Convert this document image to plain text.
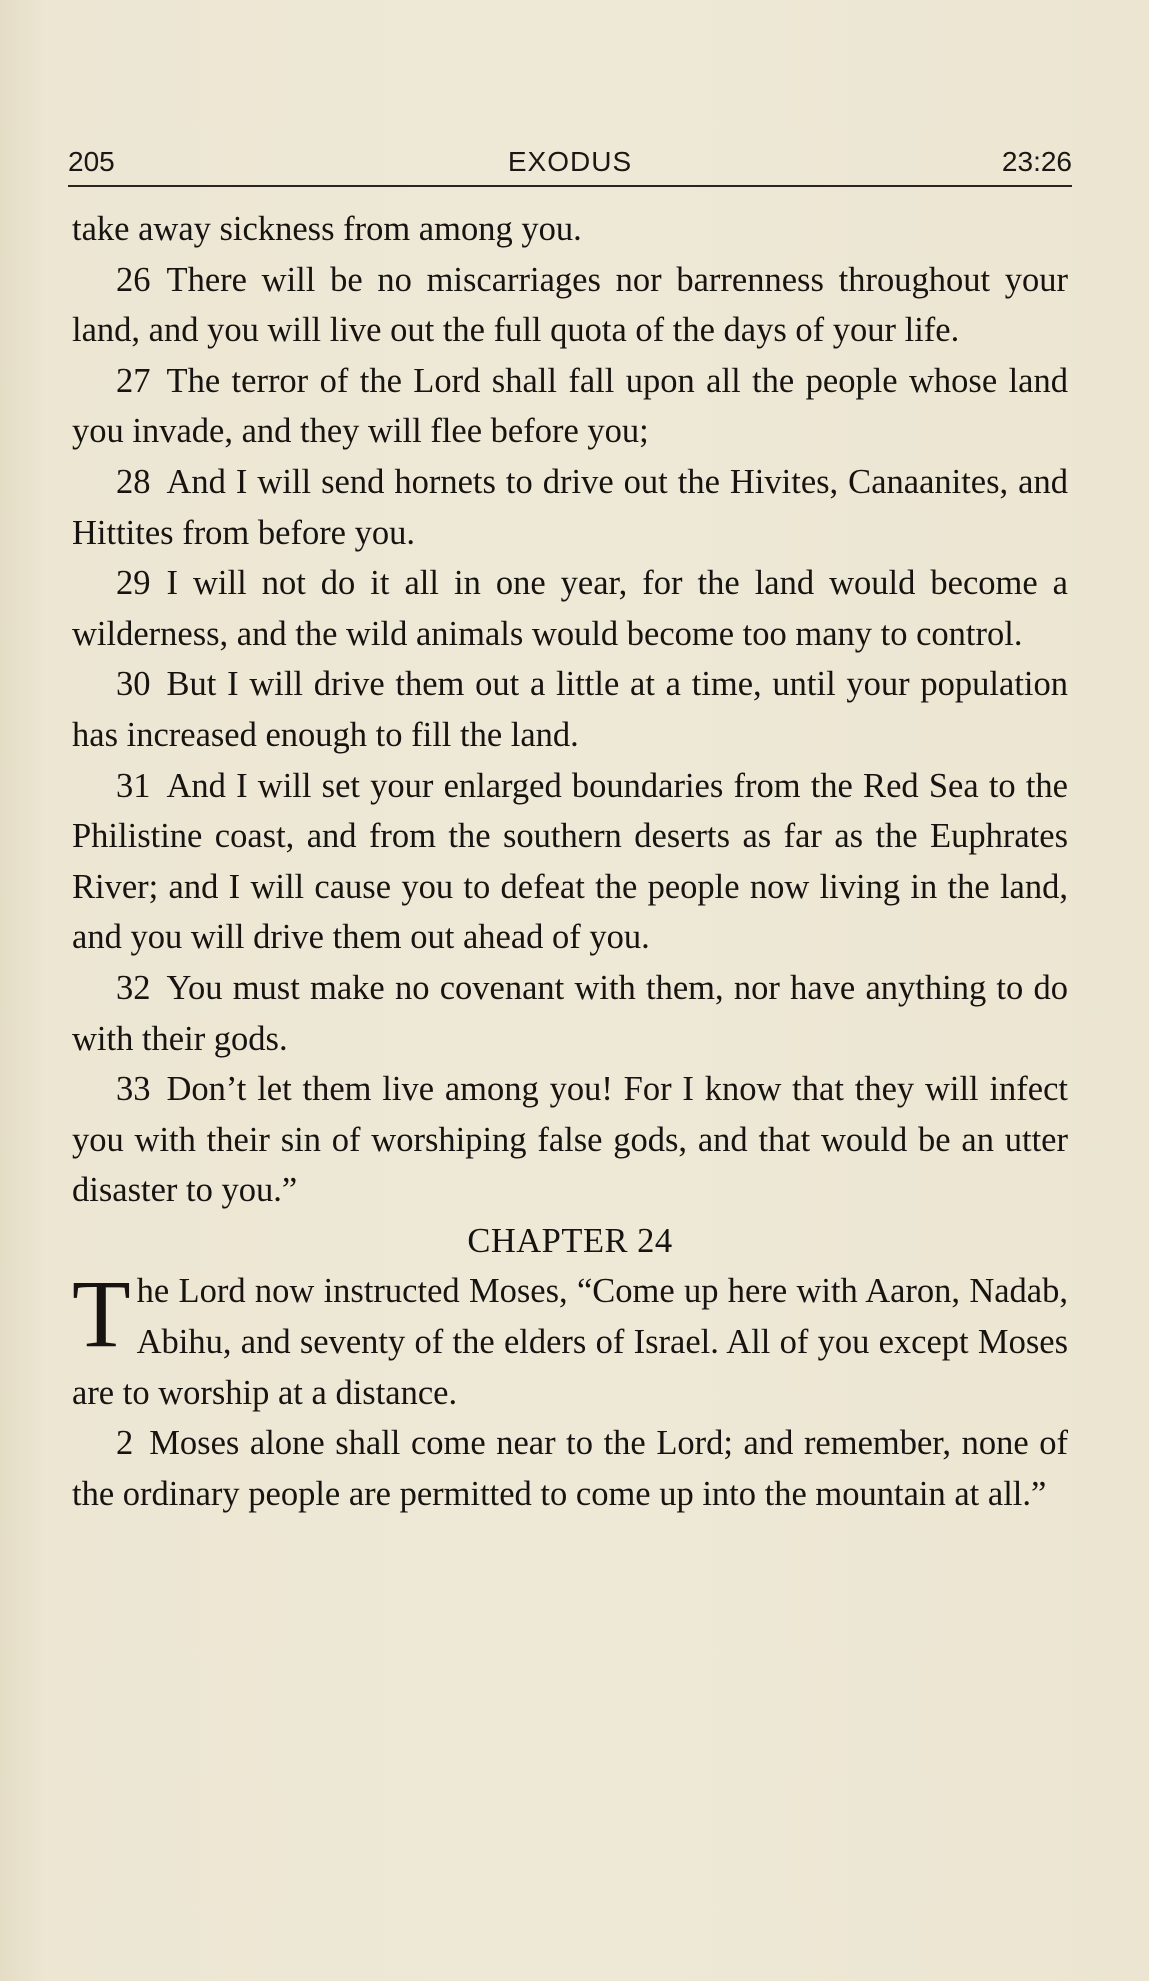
205	EXODUS	23:26

take away sickness from among you.

26 There will be no miscarriages nor barrenness throughout your land, and you will live out the full quota of the days of your life.

27 The terror of the Lord shall fall upon all the people whose land you invade, and they will flee before you;

28 And I will send hornets to drive out the Hivites, Canaanites, and Hittites from before you.

29 I will not do it all in one year, for the land would become a wilderness, and the wild animals would become too many to control.

30 But I will drive them out a little at a time, until your population has increased enough to fill the land.

31 And I will set your enlarged boundaries from the Red Sea to the Philistine coast, and from the southern deserts as far as the Euphrates River; and I will cause you to defeat the people now living in the land, and you will drive them out ahead of you.

32 You must make no covenant with them, nor have anything to do with their gods.

33 Don’t let them live among you! For I know that they will infect you with their sin of worshiping false gods, and that would be an utter disaster to you.”

CHAPTER 24

The Lord now instructed Moses, “Come up here with Aaron, Nadab, Abihu, and seventy of the elders of Israel. All of you except Moses are to worship at a distance.

2 Moses alone shall come near to the Lord; and remember, none of the ordinary people are permitted to come up into the mountain at all.”
